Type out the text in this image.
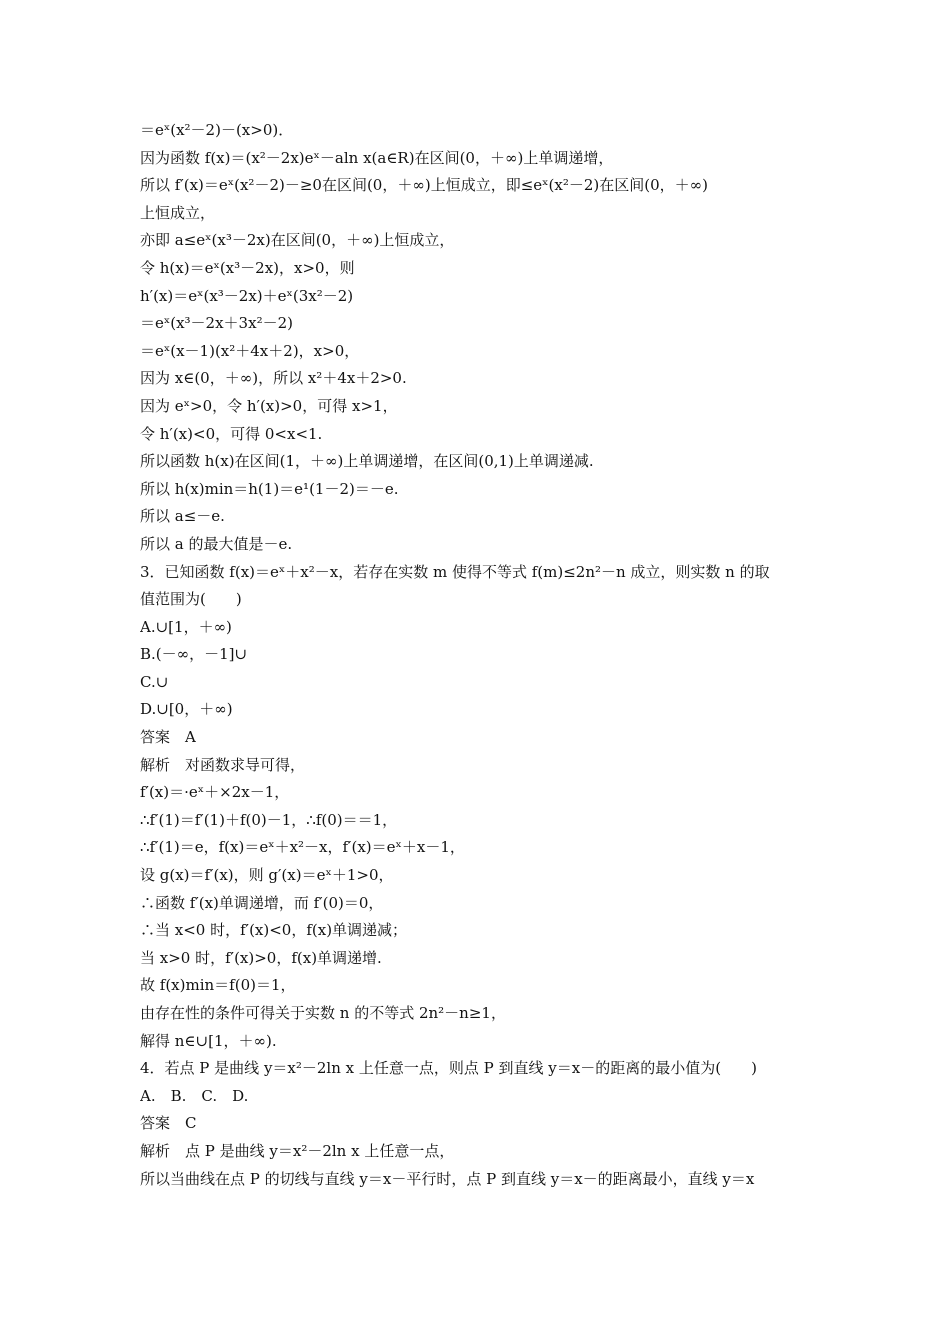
＝eˣ(x²－2)－(x>0)．
因为函数 f(x)＝(x²－2x)eˣ－aln x(a∈R)在区间(0，＋∞)上单调递增，
所以 f′(x)＝eˣ(x²－2)－≥0在区间(0，＋∞)上恒成立，即≤eˣ(x²－2)在区间(0，＋∞)
上恒成立，
亦即 a≤eˣ(x³－2x)在区间(0，＋∞)上恒成立，
令 h(x)＝eˣ(x³－2x)，x>0，则
h′(x)＝eˣ(x³－2x)＋eˣ(3x²－2)
＝eˣ(x³－2x＋3x²－2)
＝eˣ(x－1)(x²＋4x＋2)，x>0，
因为 x∈(0，＋∞)，所以 x²＋4x＋2>0.
因为 eˣ>0，令 h′(x)>0，可得 x>1，
令 h′(x)<0，可得 0<x<1.
所以函数 h(x)在区间(1，＋∞)上单调递增，在区间(0,1)上单调递减.
所以 h(x)min＝h(1)＝e¹(1－2)＝－e.
所以 a≤－e.
所以 a 的最大值是－e.
3．已知函数 f(x)＝eˣ＋x²－x，若存在实数 m 使得不等式 f(m)≤2n²－n 成立，则实数 n 的取
值范围为(　　)
A.∪[1，＋∞)
B.(－∞，－1]∪
C.∪
D.∪[0，＋∞)
答案　A
解析　对函数求导可得，
f′(x)＝·eˣ＋×2x－1，
∴f′(1)＝f′(1)＋f(0)－1，∴f(0)＝＝1，
∴f′(1)＝e，f(x)＝eˣ＋x²－x，f′(x)＝eˣ＋x－1，
设 g(x)＝f′(x)，则 g′(x)＝eˣ＋1>0，
∴函数 f′(x)单调递增，而 f′(0)＝0，
∴当 x<0 时，f′(x)<0，f(x)单调递减；
当 x>0 时，f′(x)>0，f(x)单调递增.
故 f(x)min＝f(0)＝1，
由存在性的条件可得关于实数 n 的不等式 2n²－n≥1，
解得 n∈∪[1，＋∞).
4．若点 P 是曲线 y＝x²－2ln x 上任意一点，则点 P 到直线 y＝x－的距离的最小值为(　　)
A.　B.　C.　D.
答案　C
解析　点 P 是曲线 y＝x²－2ln x 上任意一点，
所以当曲线在点 P 的切线与直线 y＝x－平行时，点 P 到直线 y＝x－的距离最小，直线 y＝x
